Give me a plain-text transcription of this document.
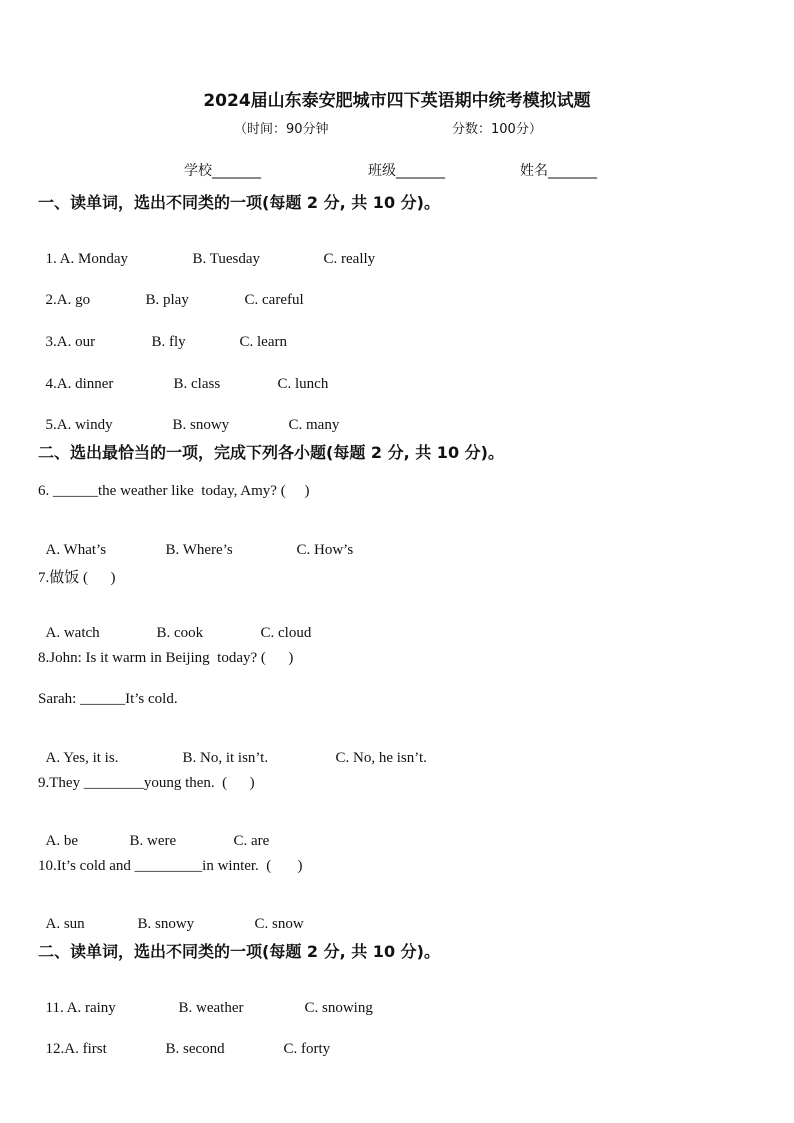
2024届山东泰安肥城市四下英语期中统考模拟试题
（时间：90分钟	分数：100分）
学校_______	班级_______	姓名_______
一、读单词，选出不同类的一项(每题 2 分, 共 10 分)。

1. A. Monday	B. Tuesday	C. really

2.A. go	B. play	C. careful

3.A. our	B. fly	C. learn

4.A. dinner	B. class	C. lunch

5.A. windy	B. snowy	C. many

二、选出最恰当的一项，完成下列各小题(每题 2 分, 共 10 分)。
6. ______the weather like  today, Amy? (     )

A. What’s	B. Where’s	C. How’s

7.做饭 (      )

A. watch	B. cook	C. cloud

8.John: Is it warm in Beijing  today? (      )
Sarah: ______It’s cold.

A. Yes, it is.	B. No, it isn’t.	C. No, he isn’t.

9.They ________young then.  (      )

A. be	B. were	C. are

10.It’s cold and _________in winter.  (       )

A. sun	B. snowy	C. snow

二、读单词，选出不同类的一项(每题 2 分, 共 10 分)。

11. A. rainy	B. weather	C. snowing

12.A. first	B. second	C. forty
